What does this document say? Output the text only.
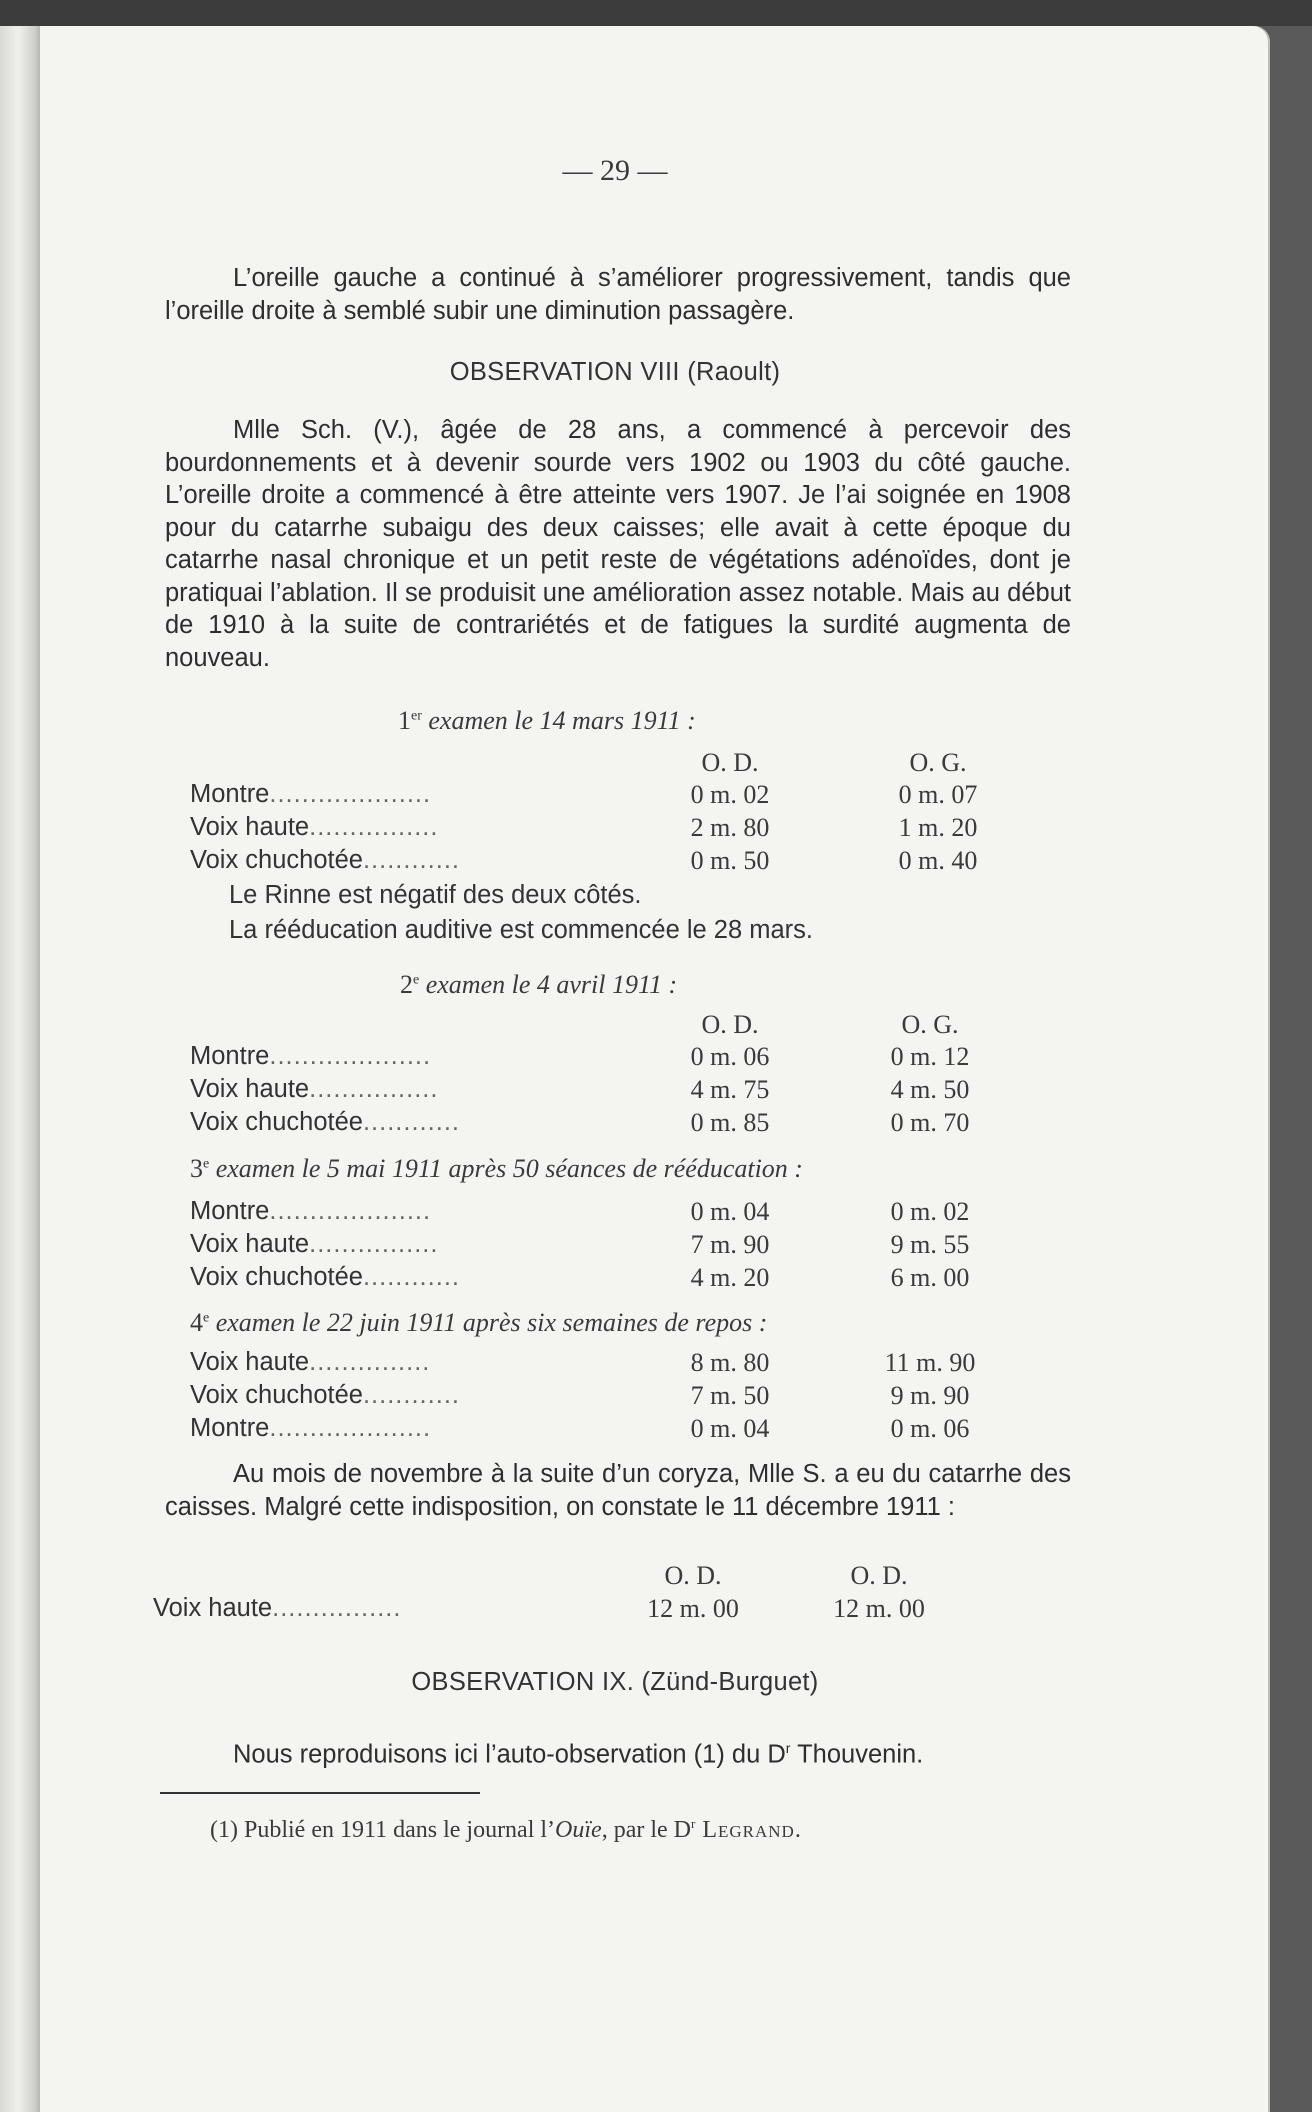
— 29 —

L’oreille gauche a continué à s’améliorer progressivement, tandis que l’oreille droite à semblé subir une diminution passagère.

OBSERVATION VIII (Raoult)

Mlle Sch. (V.), âgée de 28 ans, a commencé à percevoir des bourdonnements et à devenir sourde vers 1902 ou 1903 du côté gauche. L’oreille droite a commencé à être atteinte vers 1907. Je l’ai soignée en 1908 pour du catarrhe subaigu des deux caisses; elle avait à cette époque du catarrhe nasal chronique et un petit reste de végétations adénoïdes, dont je pratiquai l’ablation. Il se produisit une amélioration assez notable. Mais au début de 1910 à la suite de contrariétés et de fatigues la surdité augmenta de nouveau.

1er examen le 14 mars 1911 :
O. D.	O. G.
Montre....................	0 m. 02	0 m. 07
Voix haute................	2 m. 80	1 m. 20
Voix chuchotée............	0 m. 50	0 m. 40
Le Rinne est négatif des deux côtés.
La rééducation auditive est commencée le 28 mars.
2e examen le 4 avril 1911 :
O. D.	O. G.
Montre....................	0 m. 06	0 m. 12
Voix haute................	4 m. 75	4 m. 50
Voix chuchotée............	0 m. 85	0 m. 70
3e examen le 5 mai 1911 après 50 séances de rééducation :
Montre....................	0 m. 04	0 m. 02
Voix haute................	7 m. 90	9 m. 55
Voix chuchotée............	4 m. 20	6 m. 00
4e examen le 22 juin 1911 après six semaines de repos :
Voix haute...............	8 m. 80	11 m. 90
Voix chuchotée............	7 m. 50	9 m. 90
Montre....................	0 m. 04	0 m. 06

Au mois de novembre à la suite d’un coryza, Mlle S. a eu du catarrhe des caisses. Malgré cette indisposition, on constate le 11 décembre 1911 :

O. D.	O. D.
Voix haute................	12 m. 00	12 m. 00
OBSERVATION IX. (Zünd-Burguet)

Nous reproduisons ici l’auto-observation (1) du $D^r$ Thouvenin.

(1) Publié en 1911 dans le journal l’Ouïe, par le $D^r$ Legrand.
